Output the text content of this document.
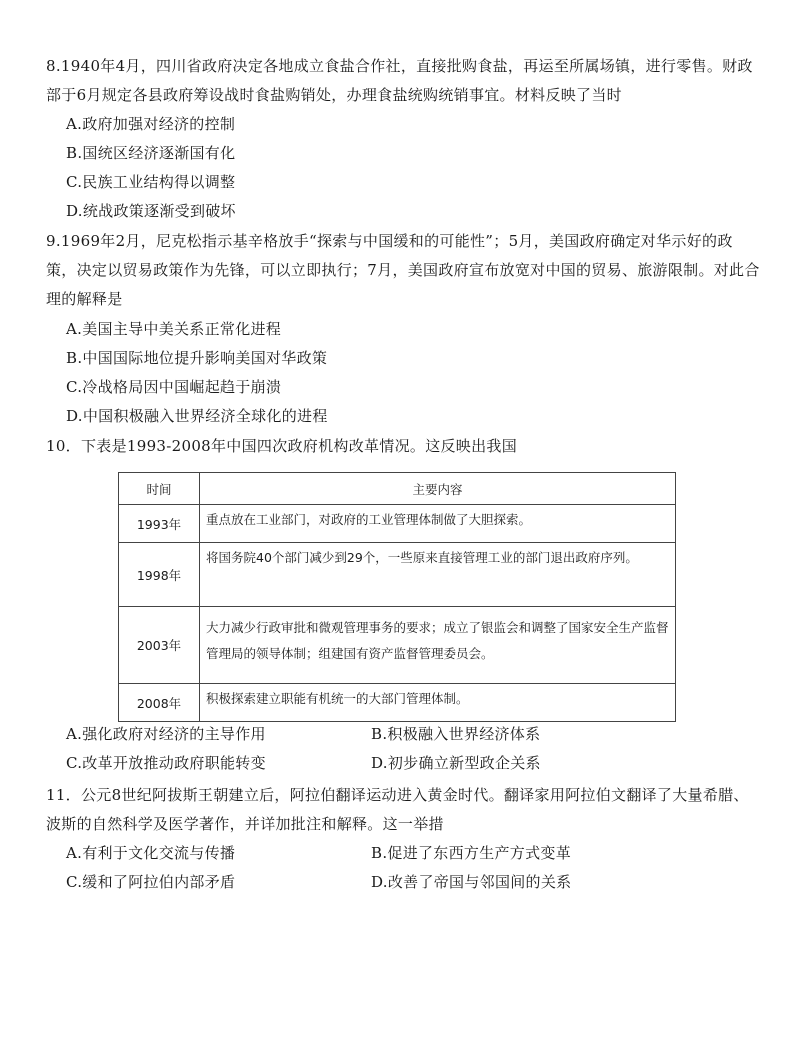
8.1940年4月，四川省政府决定各地成立食盐合作社，直接批购食盐，再运至所属场镇，进行零售。财政部于6月规定各县政府筹设战时食盐购销处，办理食盐统购统销事宜。材料反映了当时
A.政府加强对经济的控制
B.国统区经济逐渐国有化
C.民族工业结构得以调整
D.统战政策逐渐受到破坏
9.1969年2月，尼克松指示基辛格放手“探索与中国缓和的可能性”；5月，美国政府确定对华示好的政策，决定以贸易政策作为先锋，可以立即执行；7月，美国政府宣布放宽对中国的贸易、旅游限制。对此合理的解释是
A.美国主导中美关系正常化进程
B.中国国际地位提升影响美国对华政策
C.冷战格局因中国崛起趋于崩溃
D.中国积极融入世界经济全球化的进程
10．下表是1993-2008年中国四次政府机构改革情况。这反映出我国
时间	主要内容
1993年	重点放在工业部门，对政府的工业管理体制做了大胆探索。
1998年	将国务院40个部门减少到29个，一些原来直接管理工业的部门退出政府序列。
2003年	大力减少行政审批和微观管理事务的要求；成立了银监会和调整了国家安全生产监督管理局的领导体制；组建国有资产监督管理委员会。
2008年	积极探索建立职能有机统一的大部门管理体制。
A.强化政府对经济的主导作用	B.积极融入世界经济体系
C.改革开放推动政府职能转变	D.初步确立新型政企关系
11．公元8世纪阿拔斯王朝建立后，阿拉伯翻译运动进入黄金时代。翻译家用阿拉伯文翻译了大量希腊、波斯的自然科学及医学著作，并详加批注和解释。这一举措
A.有利于文化交流与传播	B.促进了东西方生产方式变革
C.缓和了阿拉伯内部矛盾	D.改善了帝国与邻国间的关系
